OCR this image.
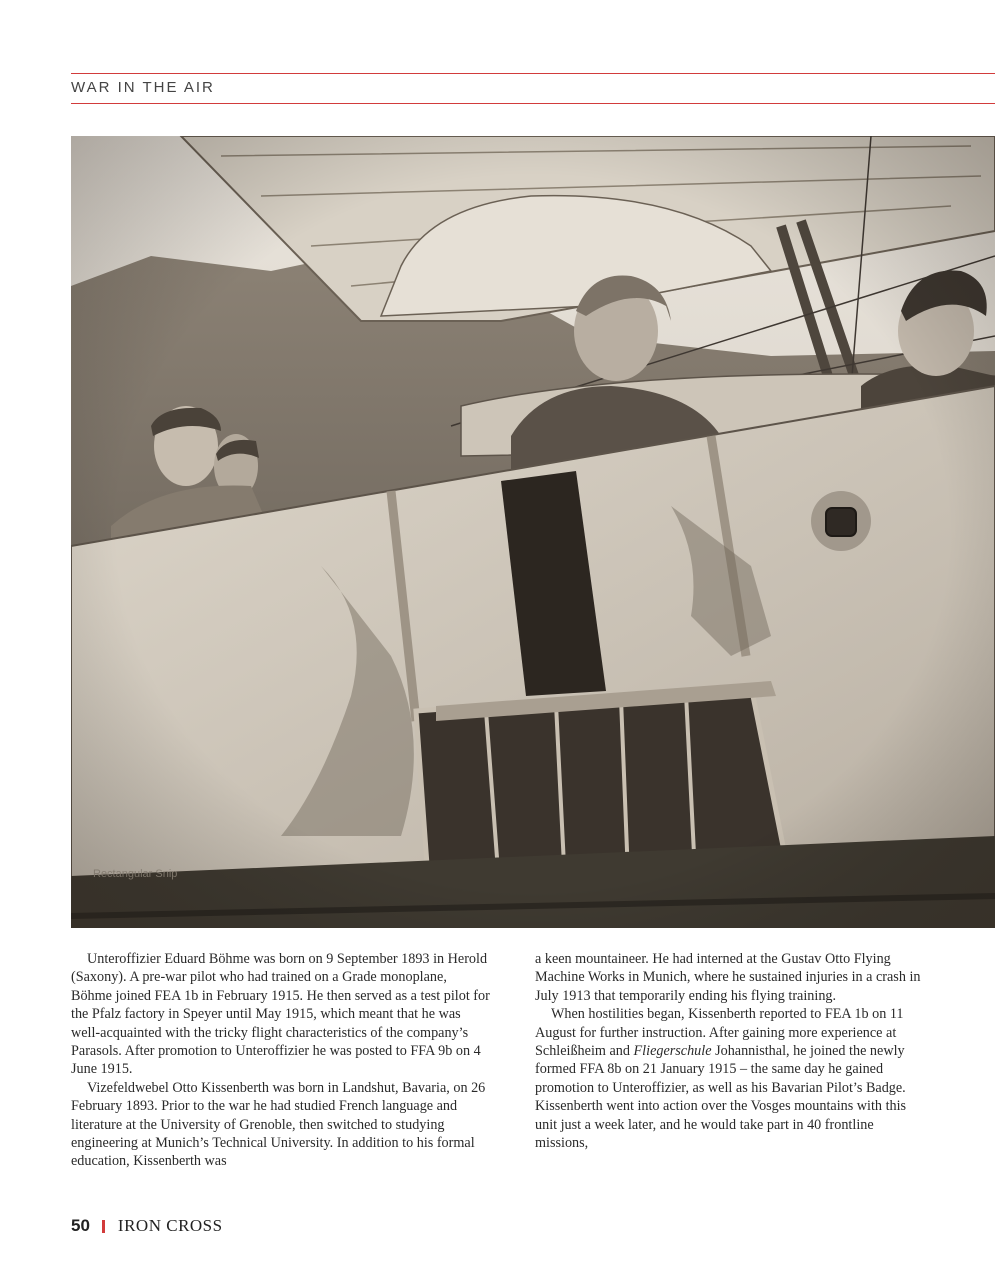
WAR IN THE AIR

Unteroffizier Eduard Böhme was born on 9 September 1893 in Herold (Saxony). A pre-war pilot who had trained on a Grade monoplane, Böhme joined FEA 1b in February 1915. He then served as a test pilot for the Pfalz factory in Speyer until May 1915, which meant that he was well-acquainted with the tricky flight characteristics of the company’s Parasols. After promotion to Unteroffizier he was posted to FFA 9b on 4 June 1915.

Vizefeldwebel Otto Kissenberth was born in Landshut, Bavaria, on 26 February 1893. Prior to the war he had studied French language and literature at the University of Grenoble, then switched to studying engineering at Munich’s Technical University. In addition to his formal education, Kissenberth was

a keen mountaineer. He had interned at the Gustav Otto Flying Machine Works in Munich, where he sustained injuries in a crash in July 1913 that temporarily ending his flying training.

When hostilities began, Kissenberth reported to FEA 1b on 11 August for further instruction. After gaining more experience at Schleißheim and Fliegerschule Johannisthal, he joined the newly formed FFA 8b on 21 January 1915 – the same day he gained promotion to Unteroffizier, as well as his Bavarian Pilot’s Badge. Kissenberth went into action over the Vosges mountains with this unit just a week later, and he would take part in 40 frontline missions,

50 IRON CROSS
